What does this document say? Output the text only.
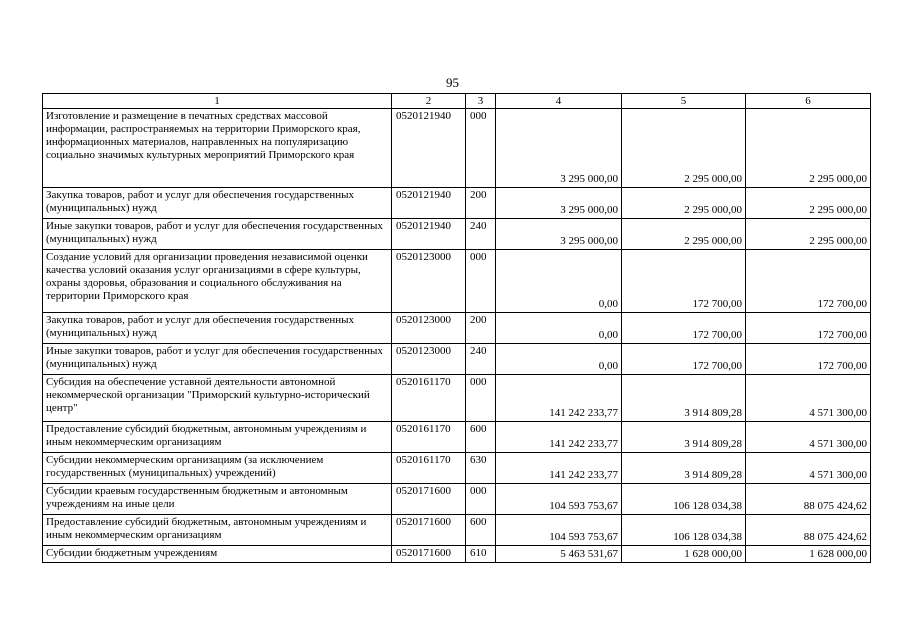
95
1	2	3	4	5	6
Изготовление и размещение в печатных средствах массовой информации, распространяемых на территории Приморского края, информационных материалов, направленных на популяризацию социально значимых культурных мероприятий Приморского края	0520121940	000	3 295 000,00	2 295 000,00	2 295 000,00
Закупка товаров, работ и услуг для обеспечения государственных (муниципальных) нужд	0520121940	200	3 295 000,00	2 295 000,00	2 295 000,00
Иные закупки товаров, работ и услуг для обеспечения государственных (муниципальных) нужд	0520121940	240	3 295 000,00	2 295 000,00	2 295 000,00
Создание условий для организации проведения независимой оценки качества условий оказания услуг организациями в сфере культуры, охраны здоровья, образования и социального обслуживания на территории Приморского края	0520123000	000	0,00	172 700,00	172 700,00
Закупка товаров, работ и услуг для обеспечения государственных (муниципальных) нужд	0520123000	200	0,00	172 700,00	172 700,00
Иные закупки товаров, работ и услуг для обеспечения государственных (муниципальных) нужд	0520123000	240	0,00	172 700,00	172 700,00
Субсидия на обеспечение уставной деятельности автономной некоммерческой организации "Приморский культурно-исторический центр"	0520161170	000	141 242 233,77	3 914 809,28	4 571 300,00
Предоставление субсидий бюджетным, автономным учреждениям и иным некоммерческим организациям	0520161170	600	141 242 233,77	3 914 809,28	4 571 300,00
Субсидии некоммерческим организациям (за исключением государственных (муниципальных) учреждений)	0520161170	630	141 242 233,77	3 914 809,28	4 571 300,00
Субсидии краевым государственным бюджетным и автономным учреждениям на иные цели	0520171600	000	104 593 753,67	106 128 034,38	88 075 424,62
Предоставление субсидий бюджетным, автономным учреждениям и иным некоммерческим организациям	0520171600	600	104 593 753,67	106 128 034,38	88 075 424,62
Субсидии бюджетным учреждениям	0520171600	610	5 463 531,67	1 628 000,00	1 628 000,00
